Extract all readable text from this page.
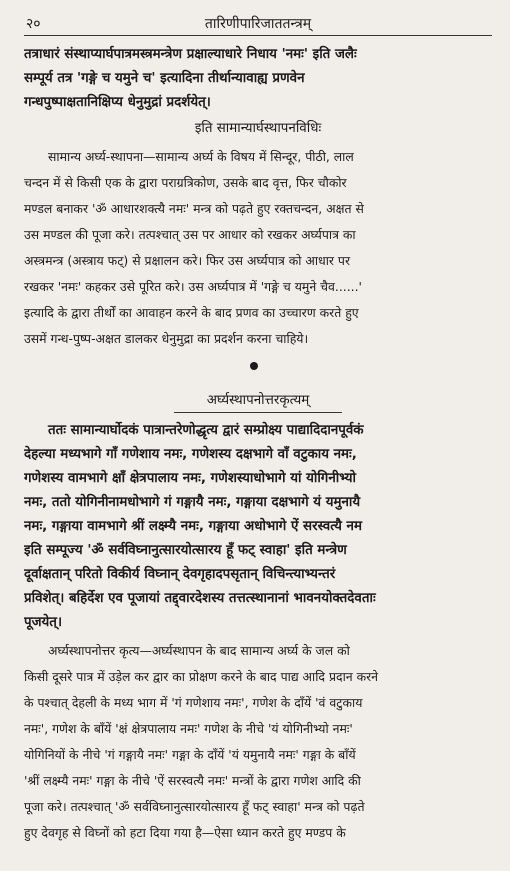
२०	तारिणीपारिजाततन्त्रम्
तत्राधारं संस्थाप्यार्घपात्रमस्त्रमन्त्रेण प्रक्षाल्याधारे निधाय 'नमः' इति जलैः
सम्पूर्य तत्र 'गङ्गे च यमुने च' इत्यादिना तीर्थान्यावाह्य प्रणवेन
गन्धपुष्पाक्षतानिक्षिप्य धेनुमुद्रां प्रदर्शयेत्।
इति सामान्यार्घस्थापनविधिः
सामान्य अर्घ्य-स्थापना—सामान्य अर्घ्य के विषय में सिन्दूर, पीठी, लाल
चन्दन में से किसी एक के द्वारा पराग्रत्रिकोण, उसके बाद वृत्त, फिर चौकोर
मण्डल बनाकर 'ॐ आधारशक्त्यै नमः' मन्त्र को पढ़ते हुए रक्तचन्दन, अक्षत से
उस मण्डल की पूजा करे। तत्पश्चात् उस पर आधार को रखकर अर्घ्यपात्र का
अस्त्रमन्त्र (अस्त्राय फट्) से प्रक्षालन करे। फिर उस अर्घ्यपात्र को आधार पर
रखकर 'नमः' कहकर उसे पूरित करे। उस अर्घ्यपात्र में 'गङ्गे च यमुने चैव......'
इत्यादि के द्वारा तीर्थों का आवाहन करने के बाद प्रणव का उच्चारण करते हुए
उसमें गन्ध-पुष्प-अक्षत डालकर धेनुमुद्रा का प्रदर्शन करना चाहिये।
अर्घ्यस्थापनोत्तरकृत्यम्
ततः सामान्यार्घोदकं पात्रान्तरेणोद्धृत्य द्वारं सम्प्रोक्ष्य पाद्यादिदानपूर्वकं
देहल्या मध्यभागे गाँ गणेशाय नमः, गणेशस्य दक्षभागे वाँ वटुकाय नमः,
गणेशस्य वामभागे क्षाँ क्षेत्रपालाय नमः, गणेशस्याधोभागे यां योगिनीभ्यो
नमः, ततो योगिनीनामधोभागे गं गङ्गायै नमः, गङ्गाया दक्षभागे यं यमुनायै
नमः, गङ्गाया वामभागे श्रीं लक्ष्म्यै नमः, गङ्गाया अधोभागे ऐं सरस्वत्यै नम
इति सम्पूज्य 'ॐ सर्वविघ्नानुत्सारयोत्सारय हूँ फट् स्वाहा' इति मन्त्रेण
दूर्वाक्षतान् परितो विकीर्य विघ्नान् देवगृहादपसृतान् विचिन्त्याभ्यन्तरं
प्रविशेत्। बहिर्देश एव पूजायां तद्द्वारदेशस्य तत्तत्स्थानानां भावनयोक्तदेवताः
पूजयेत्।
अर्घ्यस्थापनोत्तर कृत्य—अर्घ्यस्थापन के बाद सामान्य अर्घ्य के जल को
किसी दूसरे पात्र में उड़ेल कर द्वार का प्रोक्षण करने के बाद पाद्य आदि प्रदान करने
के पश्चात् देहली के मध्य भाग में 'गं गणेशाय नमः', गणेश के दाँयें 'वं वटुकाय
नमः', गणेश के बाँयें 'क्षं क्षेत्रपालाय नमः' गणेश के नीचे 'यं योगिनीभ्यो नमः'
योगिनियों के नीचे 'गं गङ्गायै नमः' गङ्गा के दाँयें 'यं यमुनायै नमः' गङ्गा के बाँयें
'श्रीं लक्ष्म्यै नमः' गङ्गा के नीचे 'ऐं सरस्वत्यै नमः' मन्त्रों के द्वारा गणेश आदि की
पूजा करे। तत्पश्चात् 'ॐ सर्वविघ्नानुत्सारयोत्सारय हूँ फट् स्वाहा' मन्त्र को पढ़ते
हुए देवगृह से विघ्नों को हटा दिया गया है—ऐसा ध्यान करते हुए मण्डप के
